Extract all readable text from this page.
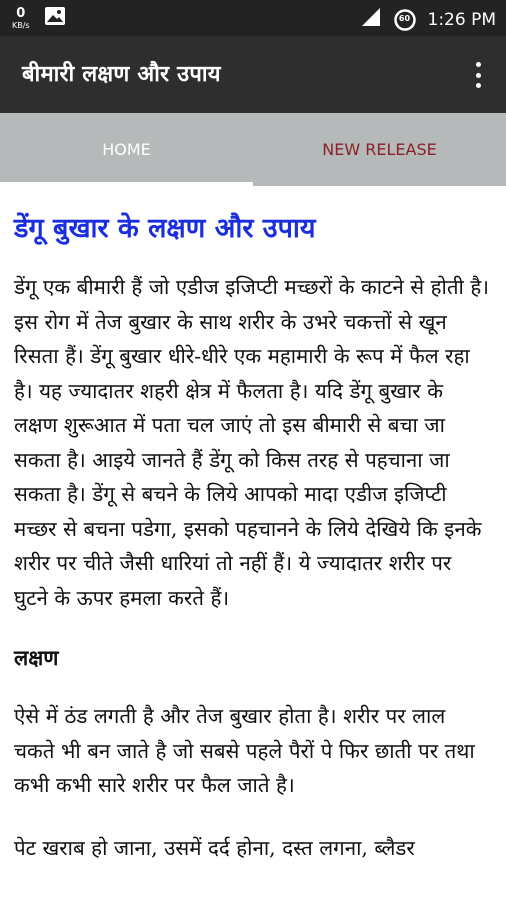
0
KB/s
60	1:26 PM
बीमारी लक्षण और उपाय
HOME	NEW RELEASE
डेंगू बुखार के लक्षण और उपाय

डेंगू एक बीमारी हैं जो एडीज इजिप्टी मच्छरों के काटने से होती है। इस रोग में तेज बुखार के साथ शरीर के उभरे चकत्तों से खून रिसता हैं। डेंगू बुखार धीरे-धीरे एक महामारी के रूप में फैल रहा है। यह ज्यादातर शहरी क्षेत्र में फैलता है। यदि डेंगू बुखार के लक्षण शुरूआत में पता चल जाएं तो इस बीमारी से बचा जा सकता है। आइये जानते हैं डेंगू को किस तरह से पहचाना जा सकता है। डेंगू से बचने के लिये आपको मादा एडीज इजिप्टी मच्छर से बचना पडेगा, इसको पहचानने के लिये देखिये कि इनके शरीर पर चीते जैसी धारियां तो नहीं हैं। ये ज्यादातर शरीर पर घुटने के ऊपर हमला करते हैं।

लक्षण

ऐसे में ठंड लगती है और तेज बुखार होता है। शरीर पर लाल चकते भी बन जाते है जो सबसे पहले पैरों पे फिर छाती पर तथा कभी कभी सारे शरीर पर फैल जाते है।

पेट खराब हो जाना, उसमें दर्द होना, दस्त लगना, ब्लैडर
